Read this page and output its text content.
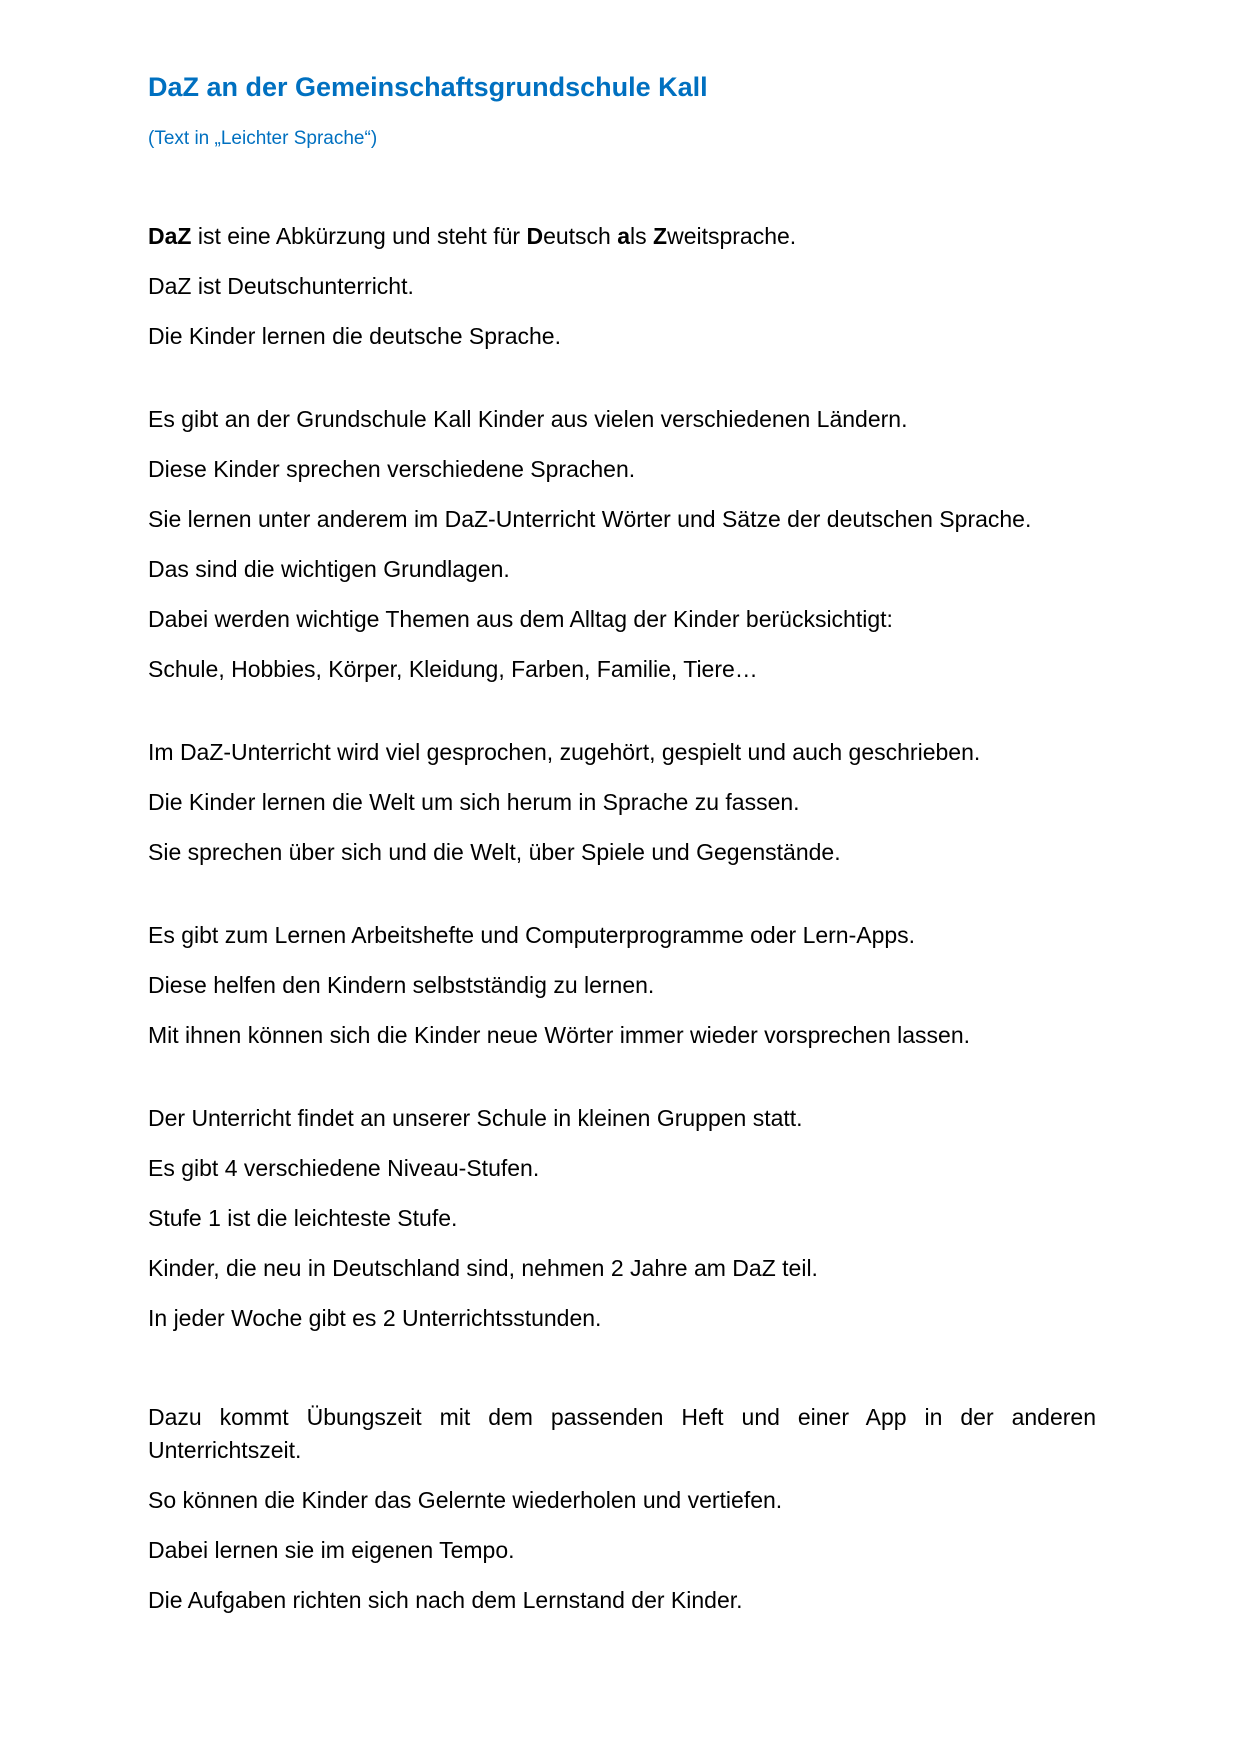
DaZ an der Gemeinschaftsgrundschule Kall

(Text in „Leichter Sprache“)

DaZ ist eine Abkürzung und steht für Deutsch als Zweitsprache.

DaZ ist Deutschunterricht.

Die Kinder lernen die deutsche Sprache.

Es gibt an der Grundschule Kall Kinder aus vielen verschiedenen Ländern.

Diese Kinder sprechen verschiedene Sprachen.

Sie lernen unter anderem im DaZ-Unterricht Wörter und Sätze der deutschen Sprache.

Das sind die wichtigen Grundlagen.

Dabei werden wichtige Themen aus dem Alltag der Kinder berücksichtigt:

Schule, Hobbies, Körper, Kleidung, Farben, Familie, Tiere…

Im DaZ-Unterricht wird viel gesprochen, zugehört, gespielt und auch geschrieben.

Die Kinder lernen die Welt um sich herum in Sprache zu fassen.

Sie sprechen über sich und die Welt, über Spiele und Gegenstände.

Es gibt zum Lernen Arbeitshefte und Computerprogramme oder Lern-Apps.

Diese helfen den Kindern selbstständig zu lernen.

Mit ihnen können sich die Kinder neue Wörter immer wieder vorsprechen lassen.

Der Unterricht findet an unserer Schule in kleinen Gruppen statt.

Es gibt 4 verschiedene Niveau-Stufen.

Stufe 1 ist die leichteste Stufe.

Kinder, die neu in Deutschland sind, nehmen 2 Jahre am DaZ teil.

In jeder Woche gibt es 2 Unterrichtsstunden.

Dazu kommt Übungszeit mit dem passenden Heft und einer App in der anderen Unterrichtszeit.

So können die Kinder das Gelernte wiederholen und vertiefen.

Dabei lernen sie im eigenen Tempo.

Die Aufgaben richten sich nach dem Lernstand der Kinder.
